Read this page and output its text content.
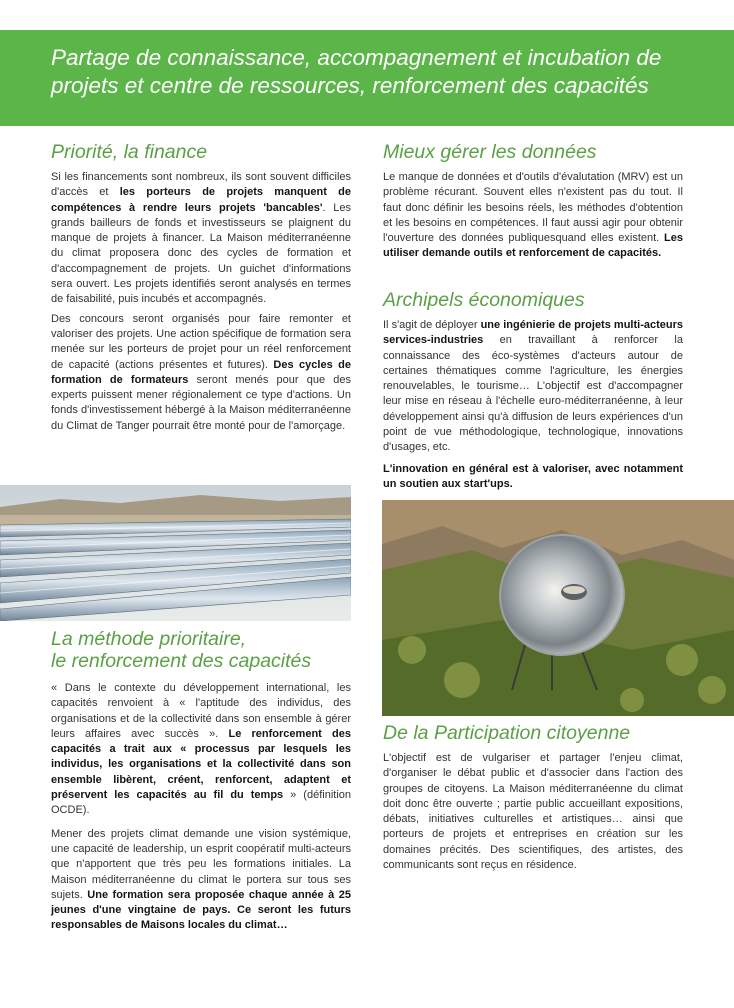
Partage de connaissance, accompagnement et incubation de projets et centre de ressources, renforcement des capacités
Priorité, la finance

Si les financements sont nombreux, ils sont souvent difficiles d'accès et les porteurs de projets manquent de compétences à rendre leurs projets 'bancables'. Les grands bailleurs de fonds et investisseurs se plaignent du manque de projets à financer. La Maison méditerranéenne du climat proposera donc des cycles de formation et d'accompagnement de projets. Un guichet d'informations sera ouvert. Les projets identifiés seront analysés en termes de faisabilité, puis incubés et accompagnés.

Des concours seront organisés pour faire remonter et valoriser des projets. Une action spécifique de formation sera menée sur les porteurs de projet pour un réel renforcement de capacité (actions présentes et futures). Des cycles de formation de formateurs seront menés pour que des experts puissent mener régionalement ce type d'actions. Un fonds d'investissement hébergé à la Maison méditerranéenne du Climat de Tanger pourrait être monté pour de l'amorçage.

La méthode prioritaire,
le renforcement des capacités

« Dans le contexte du développement international, les capacités renvoient à « l'aptitude des individus, des organisations et de la collectivité dans son ensemble à gérer leurs affaires avec succès ». Le renforcement des capacités a trait aux « processus par lesquels les individus, les organisations et la collectivité dans son ensemble libèrent, créent, renforcent, adaptent et préservent les capacités au fil du temps » (définition OCDE).

Mener des projets climat demande une vision systémique, une capacité de leadership, un esprit coopératif multi-acteurs que n'apportent que très peu les formations initiales. La Maison méditerranéenne du climat le portera sur tous ses sujets. Une formation sera proposée chaque année à 25 jeunes d'une vingtaine de pays. Ce seront les futurs responsables de Maisons locales du climat…

Mieux gérer les données

Le manque de données et d'outils d'évalutation (MRV) est un problème récurant. Souvent elles n'existent pas du tout. Il faut donc définir les besoins réels, les méthodes d'obtention et les besoins en compétences. Il faut aussi agir pour obtenir l'ouverture des données publiquesquand elles existent. Les utiliser demande outils et renforcement de capacités.

Archipels économiques

Il s'agit de déployer une ingénierie de projets multi-acteurs services-industries en travaillant à renforcer la connaissance des éco-systèmes d'acteurs autour de certaines thématiques comme l'agriculture, les énergies renouvelables, le tourisme… L'objectif est d'accompagner leur mise en réseau à l'échelle euro-méditerranéenne, à leur développement ainsi qu'à diffusion de leurs expériences d'un point de vue méthodologique, technologique, innovations d'usages, etc.

L'innovation en général est à valoriser, avec notamment un soutien aux start'ups.

De la Participation citoyenne

L'objectif est de vulgariser et partager l'enjeu climat, d'organiser le débat public et d'associer dans l'action des groupes de citoyens. La Maison méditerranéenne du climat doit donc être ouverte ; partie public accueillant expositions, débats, initiatives culturelles et artistiques… ainsi que porteurs de projets et entreprises en création sur les domaines précités. Des scientifiques, des artistes, des communicants sont reçus en résidence.
